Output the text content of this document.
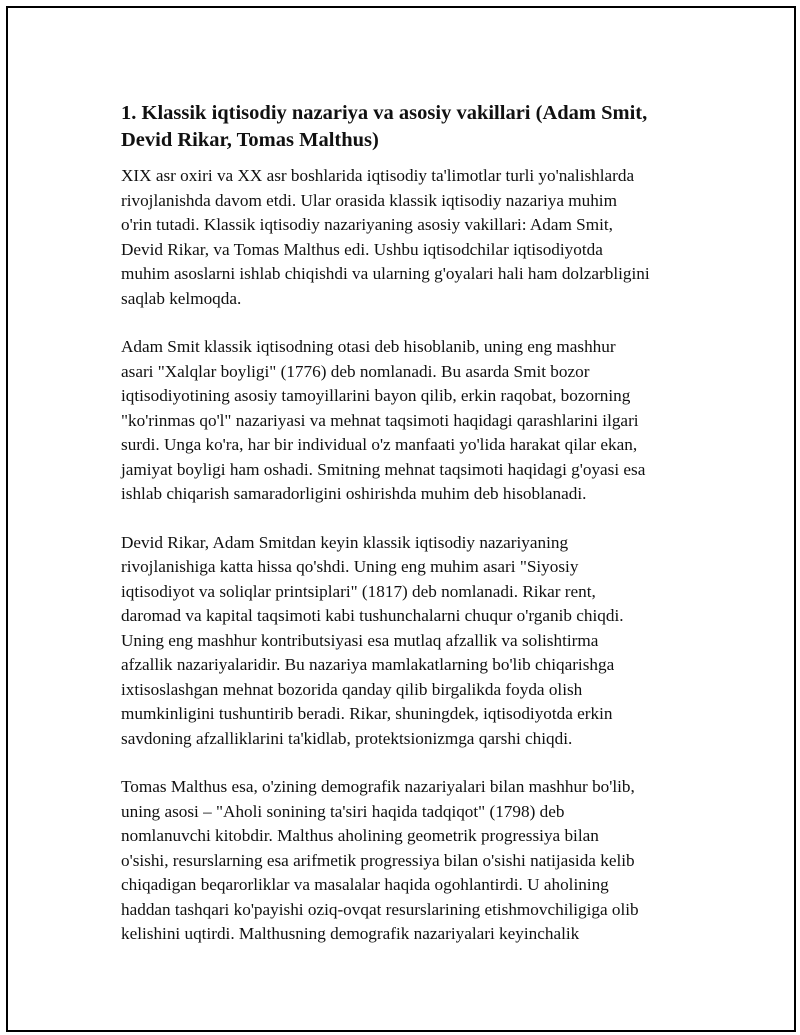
1. Klassik iqtisodiy nazariya va asosiy vakillari (Adam Smit,
Devid Rikar, Tomas Malthus)

XIX asr oxiri va XX asr boshlarida iqtisodiy ta'limotlar turli yo'nalishlarda
rivojlanishda davom etdi. Ular orasida klassik iqtisodiy nazariya muhim
o'rin tutadi. Klassik iqtisodiy nazariyaning asosiy vakillari: Adam Smit,
Devid Rikar, va Tomas Malthus edi. Ushbu iqtisodchilar iqtisodiyotda
muhim asoslarni ishlab chiqishdi va ularning g'oyalari hali ham dolzarbligini
saqlab kelmoqda.

Adam Smit klassik iqtisodning otasi deb hisoblanib, uning eng mashhur
asari "Xalqlar boyligi" (1776) deb nomlanadi. Bu asarda Smit bozor
iqtisodiyotining asosiy tamoyillarini bayon qilib, erkin raqobat, bozorning
"ko'rinmas qo'l" nazariyasi va mehnat taqsimoti haqidagi qarashlarini ilgari
surdi. Unga ko'ra, har bir individual o'z manfaati yo'lida harakat qilar ekan,
jamiyat boyligi ham oshadi. Smitning mehnat taqsimoti haqidagi g'oyasi esa
ishlab chiqarish samaradorligini oshirishda muhim deb hisoblanadi.

Devid Rikar, Adam Smitdan keyin klassik iqtisodiy nazariyaning
rivojlanishiga katta hissa qo'shdi. Uning eng muhim asari "Siyosiy
iqtisodiyot va soliqlar printsiplari" (1817) deb nomlanadi. Rikar rent,
daromad va kapital taqsimoti kabi tushunchalarni chuqur o'rganib chiqdi.
Uning eng mashhur kontributsiyasi esa mutlaq afzallik va solishtirma
afzallik nazariyalaridir. Bu nazariya mamlakatlarning bo'lib chiqarishga
ixtisoslashgan mehnat bozorida qanday qilib birgalikda foyda olish
mumkinligini tushuntirib beradi. Rikar, shuningdek, iqtisodiyotda erkin
savdoning afzalliklarini ta'kidlab, protektsionizmga qarshi chiqdi.

Tomas Malthus esa, o'zining demografik nazariyalari bilan mashhur bo'lib,
uning asosi – "Aholi sonining ta'siri haqida tadqiqot" (1798) deb
nomlanuvchi kitobdir. Malthus aholining geometrik progressiya bilan
o'sishi, resurslarning esa arifmetik progressiya bilan o'sishi natijasida kelib
chiqadigan beqarorliklar va masalalar haqida ogohlantirdi. U aholining
haddan tashqari ko'payishi oziq-ovqat resurslarining etishmovchiligiga olib
kelishini uqtirdi. Malthusning demografik nazariyalari keyinchalik
